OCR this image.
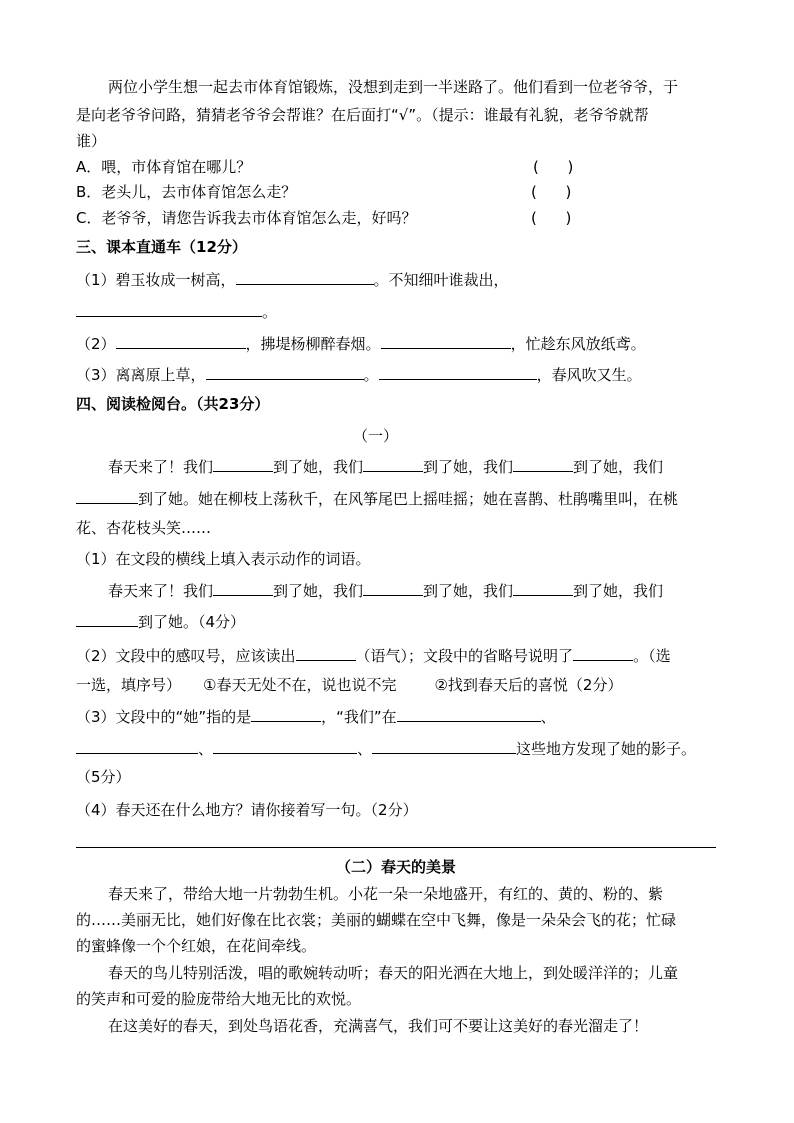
两位小学生想一起去市体育馆锻炼，没想到走到一半迷路了。他们看到一位老爷爷，于
是向老爷爷问路，猜猜老爷爷会帮谁？在后面打“√”。（提示：谁最有礼貌，老爷爷就帮
谁）
A．喂，市体育馆在哪儿？	(      )
B．老头儿，去市体育馆怎么走？	(      )
C．老爷爷，请您告诉我去市体育馆怎么走，好吗？	(      )
三、课本直通车（12分）
（1）碧玉妆成一树高，	。不知细叶谁裁出，
。
（2）	，拂堤杨柳醉春烟。	，忙趁东风放纸鸢。
（3）离离原上草，	。	，春风吹又生。
四、阅读检阅台。（共23分）
（一）
春天来了！我们	到了她，我们	到了她，我们	到了她，我们
到了她。她在柳枝上荡秋千，在风筝尾巴上摇哇摇；她在喜鹊、杜鹃嘴里叫，在桃
花、杏花枝头笑……
（1）在文段的横线上填入表示动作的词语。
春天来了！我们	到了她，我们	到了她，我们	到了她，我们
到了她。（4分）
（2）文段中的感叹号，应该读出	（语气）；文段中的省略号说明了	。（选
一选，填序号） ①春天无处不在，说也说不完	②找到春天后的喜悦（2分）
（3）文段中的“她”指的是	，“我们”在	、
、	、	这些地方发现了她的影子。
（5分）
（4）春天还在什么地方？请你接着写一句。（2分）
（二）春天的美景
春天来了，带给大地一片勃勃生机。小花一朵一朵地盛开，有红的、黄的、粉的、紫
的……美丽无比，她们好像在比衣裳；美丽的蝴蝶在空中飞舞，像是一朵朵会飞的花；忙碌
的蜜蜂像一个个红娘，在花间牵线。
春天的鸟儿特别活泼，唱的歌婉转动听；春天的阳光洒在大地上，到处暖洋洋的；儿童
的笑声和可爱的脸庞带给大地无比的欢悦。
在这美好的春天，到处鸟语花香，充满喜气，我们可不要让这美好的春光溜走了！
